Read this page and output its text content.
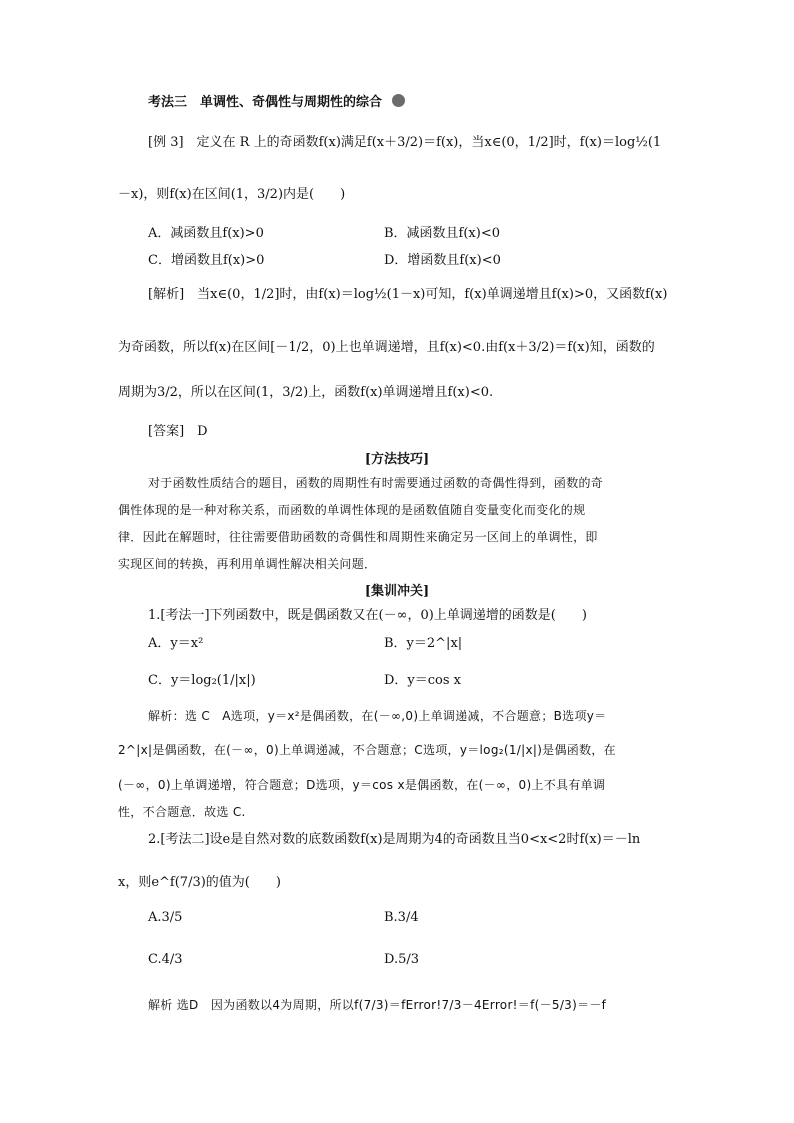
考法三　单调性、奇偶性与周期性的综合
[例 3]　定义在 R 上的奇函数f(x)满足f(x＋3/2)＝f(x)，当x∈(0，1/2]时，f(x)＝log½(1
－x)，则f(x)在区间(1，3/2)内是(　　)
A．减函数且f(x)>0	B．减函数且f(x)<0
C．增函数且f(x)>0	D．增函数且f(x)<0
[解析]　当x∈(0，1/2]时，由f(x)＝log½(1－x)可知，f(x)单调递增且f(x)>0，又函数f(x)
为奇函数，所以f(x)在区间[－1/2，0)上也单调递增，且f(x)<0.由f(x＋3/2)＝f(x)知，函数的
周期为3/2，所以在区间(1，3/2)上，函数f(x)单调递增且f(x)<0.
[答案]　D
[方法技巧]
对于函数性质结合的题目，函数的周期性有时需要通过函数的奇偶性得到，函数的奇
偶性体现的是一种对称关系，而函数的单调性体现的是函数值随自变量变化而变化的规
律．因此在解题时，往往需要借助函数的奇偶性和周期性来确定另一区间上的单调性，即
实现区间的转换，再利用单调性解决相关问题．
[集训冲关]
1.[考法一]下列函数中，既是偶函数又在(－∞，0)上单调递增的函数是(　　)
A．y＝x²	B．y＝2^|x|
C．y＝log₂(1/|x|)	D．y＝cos x
解析：选 C　A选项，y＝x²是偶函数，在(－∞,0)上单调递减，不合题意；B选项y＝
2^|x|是偶函数，在(－∞，0)上单调递减，不合题意；C选项，y＝log₂(1/|x|)是偶函数，在
(－∞，0)上单调递增，符合题意；D选项，y＝cos x是偶函数，在(－∞，0)上不具有单调
性，不合题意．故选 C.
2.[考法二]设e是自然对数的底数函数f(x)是周期为4的奇函数且当0<x<2时f(x)＝－ln
x，则e^f(7/3)的值为(　　)
A.3/5	B.3/4
C.4/3	D.5/3
解析 选D　因为函数以4为周期，所以f(7/3)＝fError!7/3－4Error!＝f(－5/3)＝－f
